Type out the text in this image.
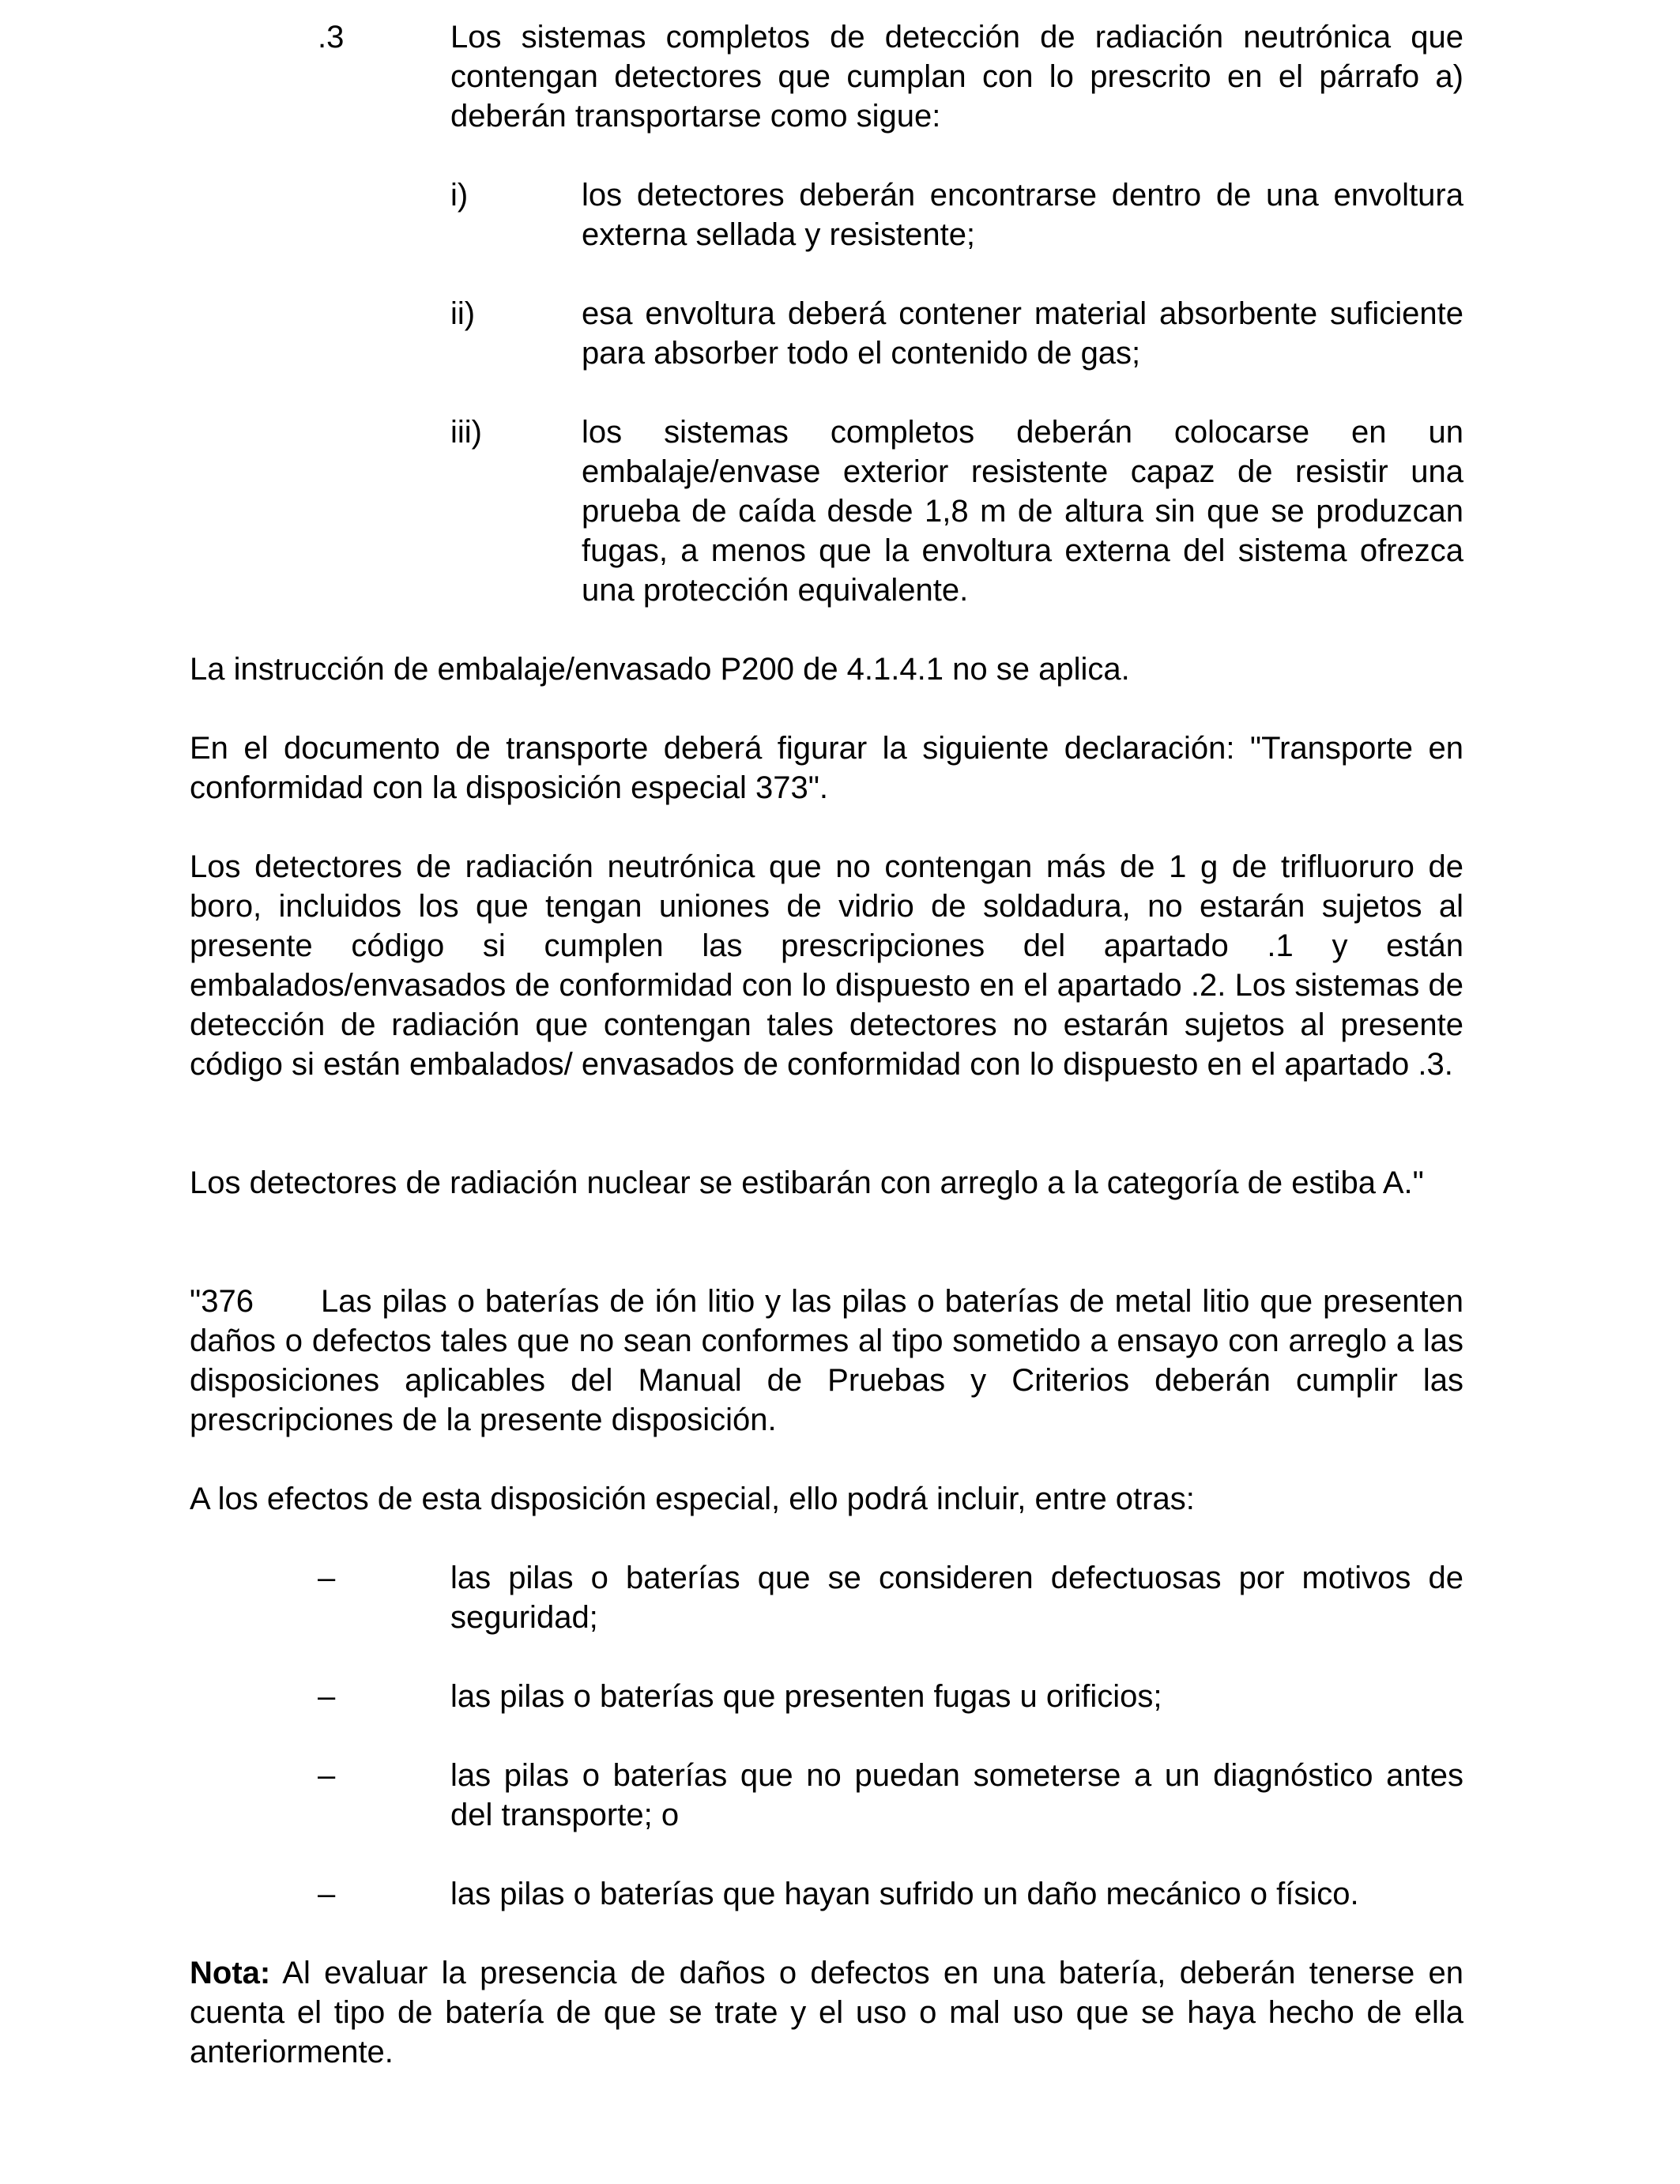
.3	Los sistemas completos de detección de radiación neutrónica que contengan detectores que cumplan con lo prescrito en el párrafo a) deberán transportarse como sigue:

i)	los detectores deberán encontrarse dentro de una envoltura externa sellada y resistente;

ii)	esa envoltura deberá contener material absorbente suficiente para absorber todo el contenido de gas;

iii)	los sistemas completos deberán colocarse en un embalaje/envase exterior resistente capaz de resistir una prueba de caída desde 1,8 m de altura sin que se produzcan fugas, a menos que la envoltura externa del sistema ofrezca una protección equivalente.

La instrucción de embalaje/envasado P200 de 4.1.4.1 no se aplica.

En el documento de transporte deberá figurar la siguiente declaración: "Transporte en conformidad con la disposición especial 373".

Los detectores de radiación neutrónica que no contengan más de 1 g de trifluoruro de boro, incluidos los que tengan uniones de vidrio de soldadura, no estarán sujetos al presente código si cumplen las prescripciones del apartado .1 y están embalados/envasados de conformidad con lo dispuesto en el apartado .2. Los sistemas de detección de radiación que contengan tales detectores no estarán sujetos al presente código si están embalados/ envasados de conformidad con lo dispuesto en el apartado .3.

Los detectores de radiación nuclear se estibarán con arreglo a la categoría de estiba A."

"376 Las pilas o baterías de ión litio y las pilas o baterías de metal litio que presenten daños o defectos tales que no sean conformes al tipo sometido a ensayo con arreglo a las disposiciones aplicables del Manual de Pruebas y Criterios deberán cumplir las prescripciones de la presente disposición.

A los efectos de esta disposición especial, ello podrá incluir, entre otras:

–	las pilas o baterías que se consideren defectuosas por motivos de seguridad;

–	las pilas o baterías que presenten fugas u orificios;

–	las pilas o baterías que no puedan someterse a un diagnóstico antes del transporte; o

–	las pilas o baterías que hayan sufrido un daño mecánico o físico.

Nota: Al evaluar la presencia de daños o defectos en una batería, deberán tenerse en cuenta el tipo de batería de que se trate y el uso o mal uso que se haya hecho de ella anteriormente.
